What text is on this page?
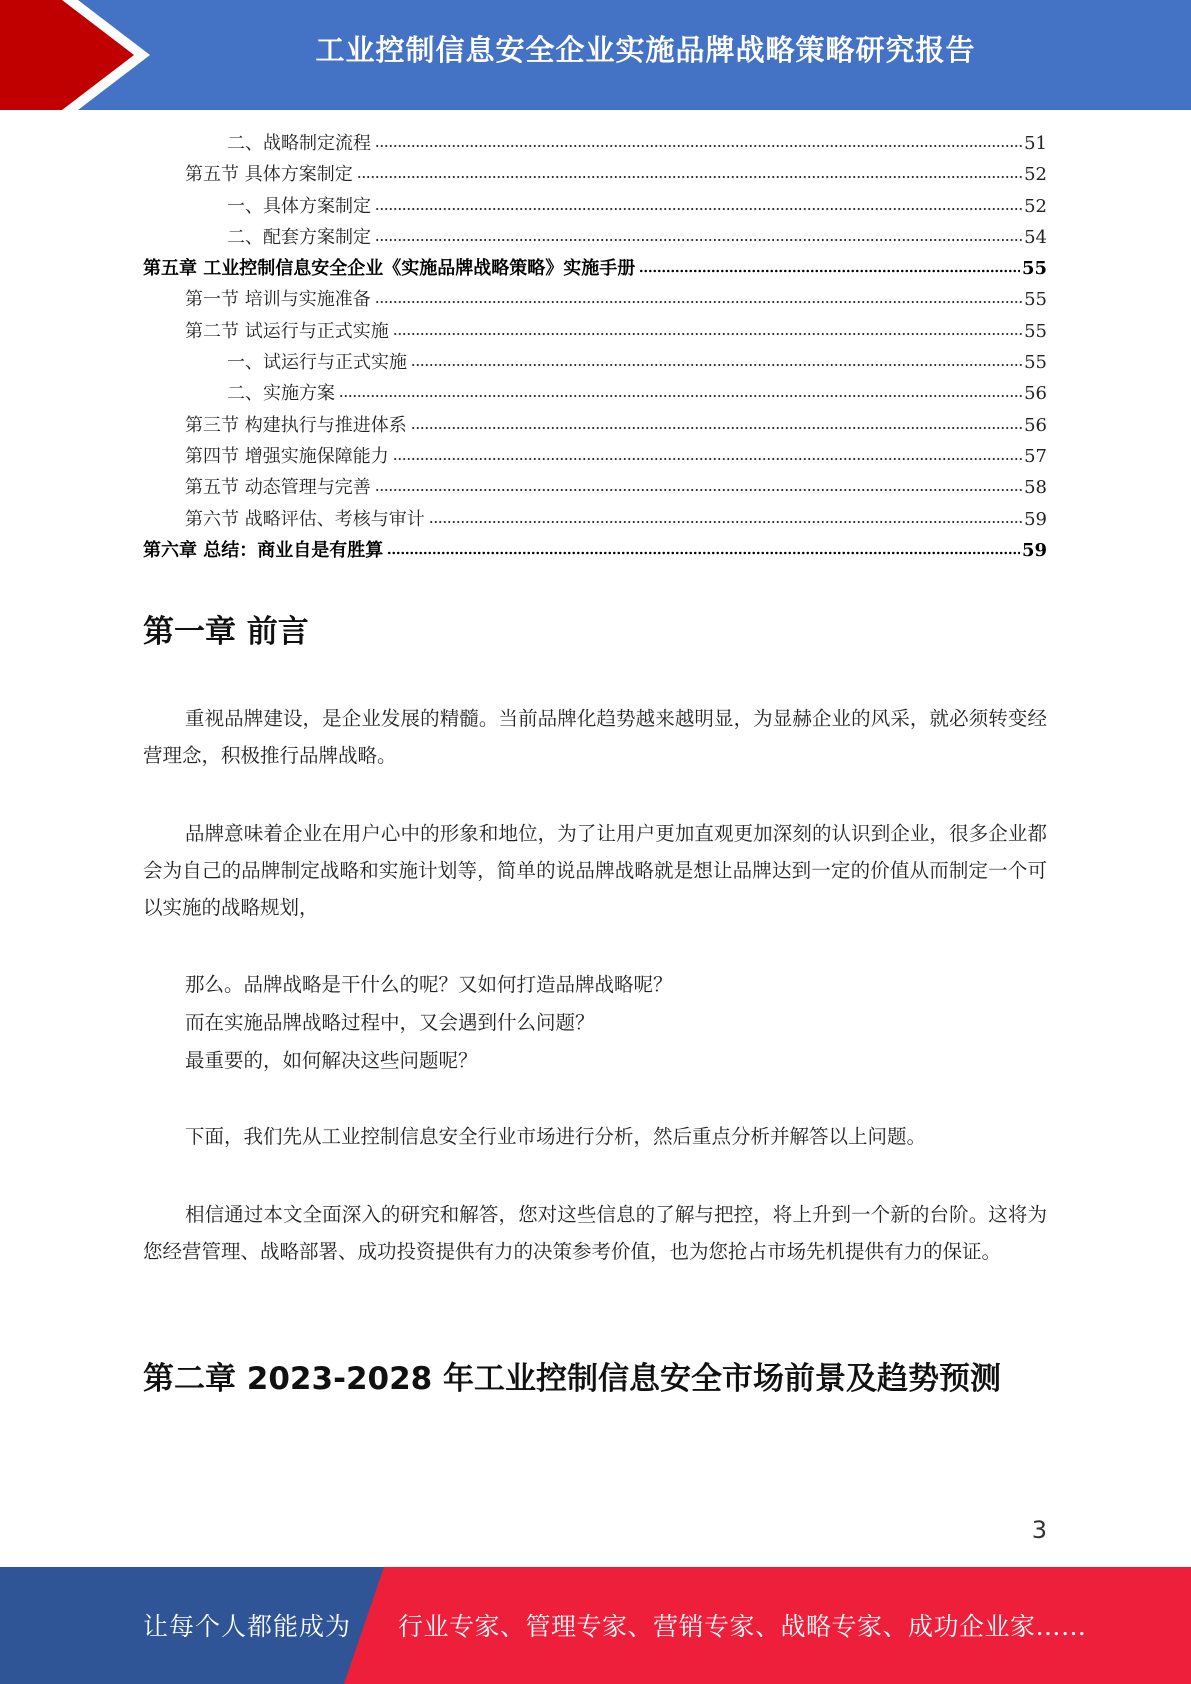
工业控制信息安全企业实施品牌战略策略研究报告
二、战略制定流程	51
第五节 具体方案制定	52
一、具体方案制定	52
二、配套方案制定	54
第五章 工业控制信息安全企业《实施品牌战略策略》实施手册	55
第一节 培训与实施准备	55
第二节 试运行与正式实施	55
一、试运行与正式实施	55
二、实施方案	56
第三节 构建执行与推进体系	56
第四节 增强实施保障能力	57
第五节 动态管理与完善	58
第六节 战略评估、考核与审计	59
第六章 总结：商业自是有胜算	59
第一章 前言

重视品牌建设，是企业发展的精髓。当前品牌化趋势越来越明显，为显赫企业的风采，就必须转变经营理念，积极推行品牌战略。

品牌意味着企业在用户心中的形象和地位，为了让用户更加直观更加深刻的认识到企业，很多企业都会为自己的品牌制定战略和实施计划等，简单的说品牌战略就是想让品牌达到一定的价值从而制定一个可以实施的战略规划，

那么。品牌战略是干什么的呢？又如何打造品牌战略呢？

而在实施品牌战略过程中，又会遇到什么问题？

最重要的，如何解决这些问题呢？

下面，我们先从工业控制信息安全行业市场进行分析，然后重点分析并解答以上问题。

相信通过本文全面深入的研究和解答，您对这些信息的了解与把控，将上升到一个新的台阶。这将为您经营管理、战略部署、成功投资提供有力的决策参考价值，也为您抢占市场先机提供有力的保证。

第二章 2023-2028 年工业控制信息安全市场前景及趋势预测
3
让每个人都能成为 行业专家、管理专家、营销专家、战略专家、成功企业家……
